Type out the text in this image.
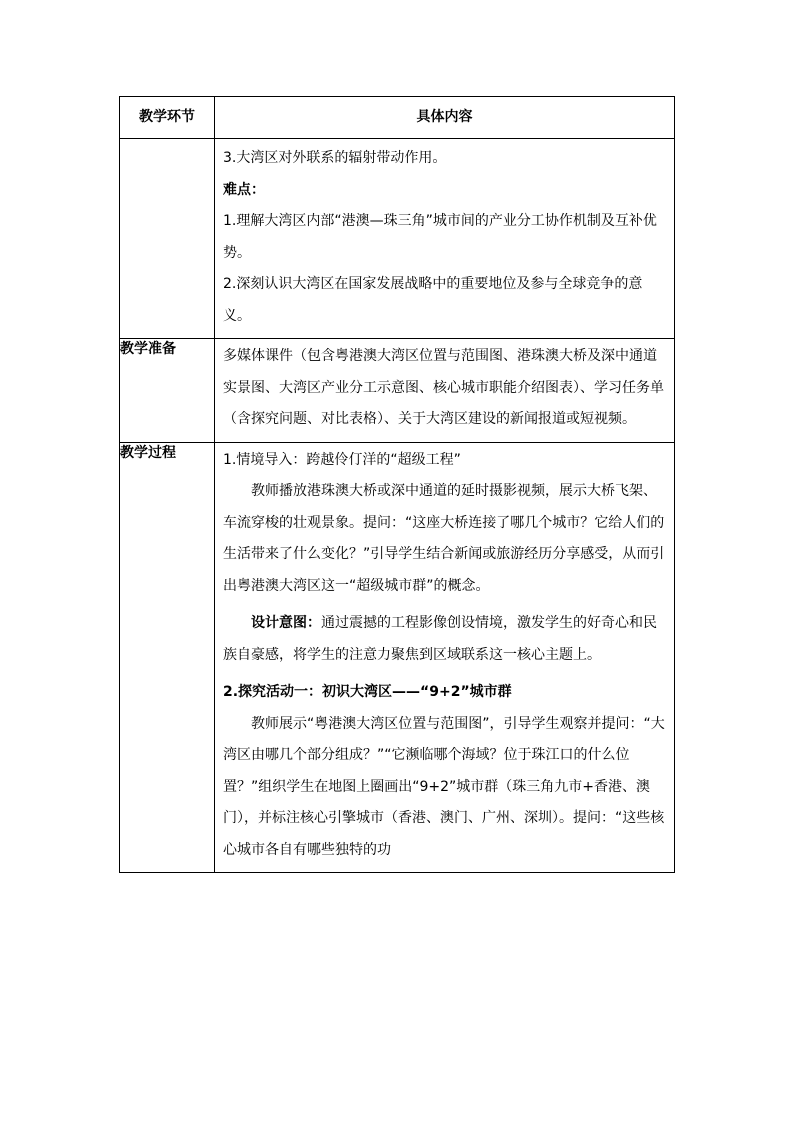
教学环节	具体内容

	3.大湾区对外联系的辐射带动作用。

难点：

1.理解大湾区内部“港澳—珠三角”城市间的产业分工协作机制及互补优势。

2.深刻认识大湾区在国家发展战略中的重要地位及参与全球竞争的意义。

教学准备	多媒体课件（包含粤港澳大湾区位置与范围图、港珠澳大桥及深中通道实景图、大湾区产业分工示意图、核心城市职能介绍图表）、学习任务单（含探究问题、对比表格）、关于大湾区建设的新闻报道或短视频。

教学过程	1.情境导入：跨越伶仃洋的“超级工程”

教师播放港珠澳大桥或深中通道的延时摄影视频，展示大桥飞架、车流穿梭的壮观景象。提问：“这座大桥连接了哪几个城市？它给人们的生活带来了什么变化？”引导学生结合新闻或旅游经历分享感受，从而引出粤港澳大湾区这一“超级城市群”的概念。

设计意图：通过震撼的工程影像创设情境，激发学生的好奇心和民族自豪感，将学生的注意力聚焦到区域联系这一核心主题上。

2.探究活动一：初识大湾区——“9+2”城市群

教师展示“粤港澳大湾区位置与范围图”，引导学生观察并提问：“大湾区由哪几个部分组成？”“它濒临哪个海域？位于珠江口的什么位置？”组织学生在地图上圈画出“9+2”城市群（珠三角九市+香港、澳门），并标注核心引擎城市（香港、澳门、广州、深圳）。提问：“这些核心城市各自有哪些独特的功
